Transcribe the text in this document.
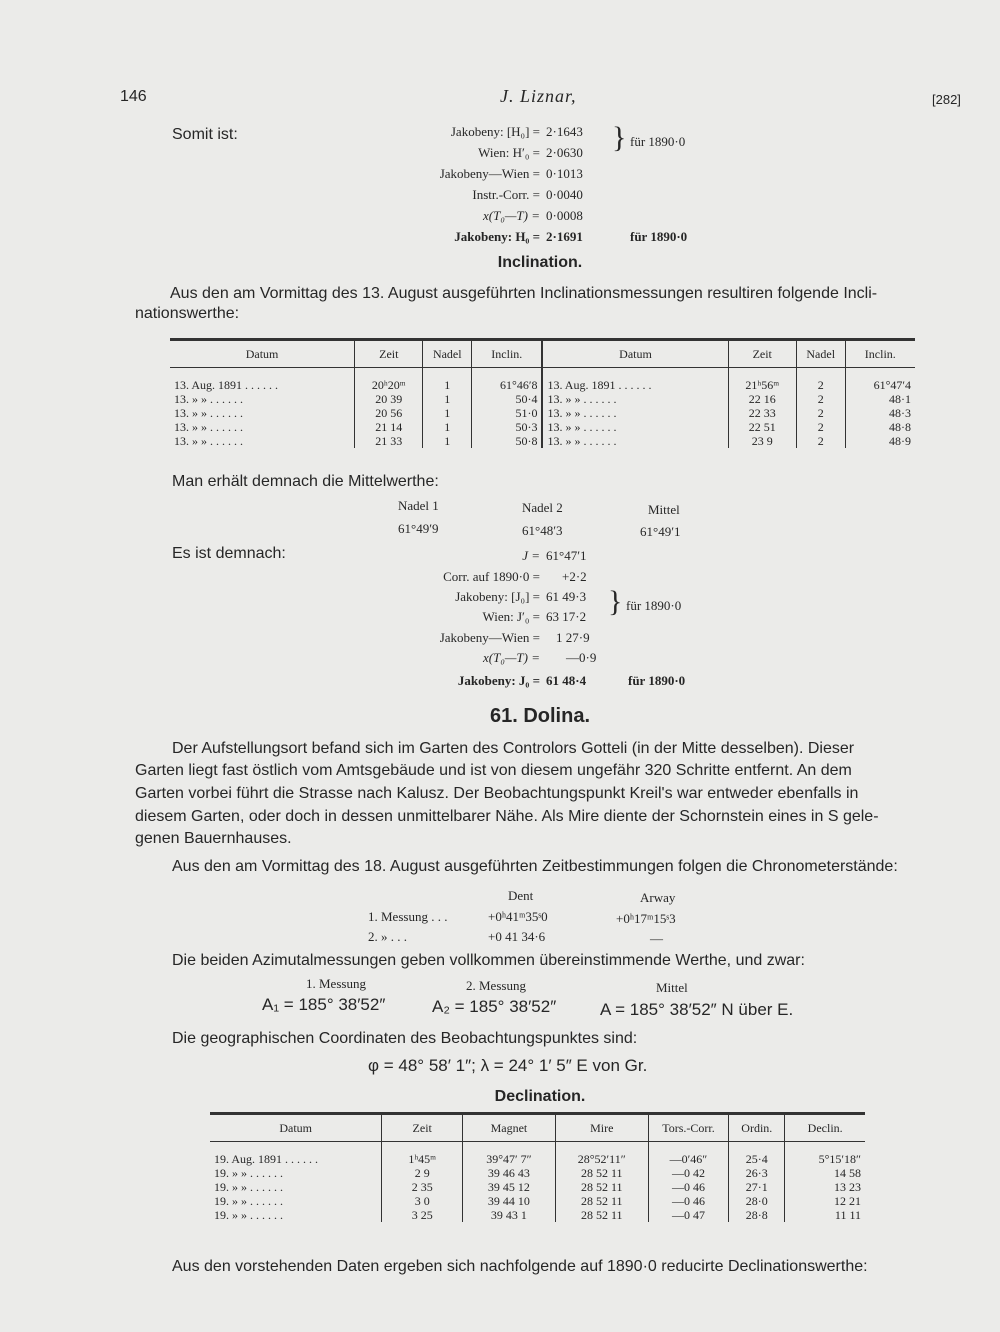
146	J. Liznar,	[282]
Somit ist:	Jakobeny: [H₀] = 2·1643
Wien: H′₀ = 2·0630 } für 1890·0
Jakobeny—Wien = 0·1013
Instr.-Corr. = 0·0040
x(T₀—T) = 0·0008
Jakobeny: H₀ = 2·1691	für 1890·0
Inclination.
Aus den am Vormittag des 13. August ausgeführten Inclinationsmessungen resultiren folgende Incli-
nationswerthe:
Datum	Zeit	Nadel	Inclin.	Datum	Zeit	Nadel	Inclin.
13. Aug. 1891 . . . . . .	20ʰ20ᵐ	1	61°46′8	13. Aug. 1891 . . . . . .	21ʰ56ᵐ	2	61°47′4
13. » » . . . . . .	20 39	1	50·4	13. » » . . . . . .	22 16	2	48·1
13. » » . . . . . .	20 56	1	51·0	13. » » . . . . . .	22 33	2	48·3
13. » » . . . . . .	21 14	1	50·3	13. » » . . . . . .	22 51	2	48·8
13. » » . . . . . .	21 33	1	50·8	13. » » . . . . . .	23 9	2	48·9
Man erhält demnach die Mittelwerthe:
Nadel 1	Nadel 2	Mittel
61°49′9	61°48′3	61°49′1
Es ist demnach:	J = 61°47′1
Corr. auf 1890·0 = +2·2
Jakobeny: [J₀] = 61 49·3
Wien: J′₀ = 63 17·2 } für 1890·0
Jakobeny—Wien = 1 27·9
x(T₀—T) = —0·9
Jakobeny: J₀ = 61 48·4	für 1890·0
61. Dolina.
Der Aufstellungsort befand sich im Garten des Controlors Gotteli (in der Mitte desselben). Dieser
Garten liegt fast östlich vom Amtsgebäude und ist von diesem ungefähr 320 Schritte entfernt. An dem
Garten vorbei führt die Strasse nach Kalusz. Der Beobachtungspunkt Kreil's war entweder ebenfalls in
diesem Garten, oder doch in dessen unmittelbarer Nähe. Als Mire diente der Schornstein eines in S gele-
genen Bauernhauses.
Aus den am Vormittag des 18. August ausgeführten Zeitbestimmungen folgen die Chronometerstände:
Dent	Arway
1. Messung . . .	+0ʰ41ᵐ35ˢ0	+0ʰ17ᵐ15ˢ3
2. » . . .	+0 41 34·6	—
Die beiden Azimutalmessungen geben vollkommen übereinstimmende Werthe, und zwar:
1. Messung	2. Messung	Mittel
A₁ = 185° 38′52″	A₂ = 185° 38′52″	A = 185° 38′52″ N über E.
Die geographischen Coordinaten des Beobachtungspunktes sind:
φ = 48° 58′ 1″; λ = 24° 1′ 5″ E von Gr.
Declination.
Datum	Zeit	Magnet	Mire	Tors.-Corr.	Ordin.	Declin.
19. Aug. 1891 . . . . . .	1ʰ45ᵐ	39°47′ 7″	28°52′11″	—0′46″	25·4	5°15′18″
19. » » . . . . . .	2 9	39 46 43	28 52 11	—0 42	26·3	14 58
19. » » . . . . . .	2 35	39 45 12	28 52 11	—0 46	27·1	13 23
19. » » . . . . . .	3 0	39 44 10	28 52 11	—0 46	28·0	12 21
19. » » . . . . . .	3 25	39 43 1	28 52 11	—0 47	28·8	11 11
Aus den vorstehenden Daten ergeben sich nachfolgende auf 1890·0 reducirte Declinationswerthe:
